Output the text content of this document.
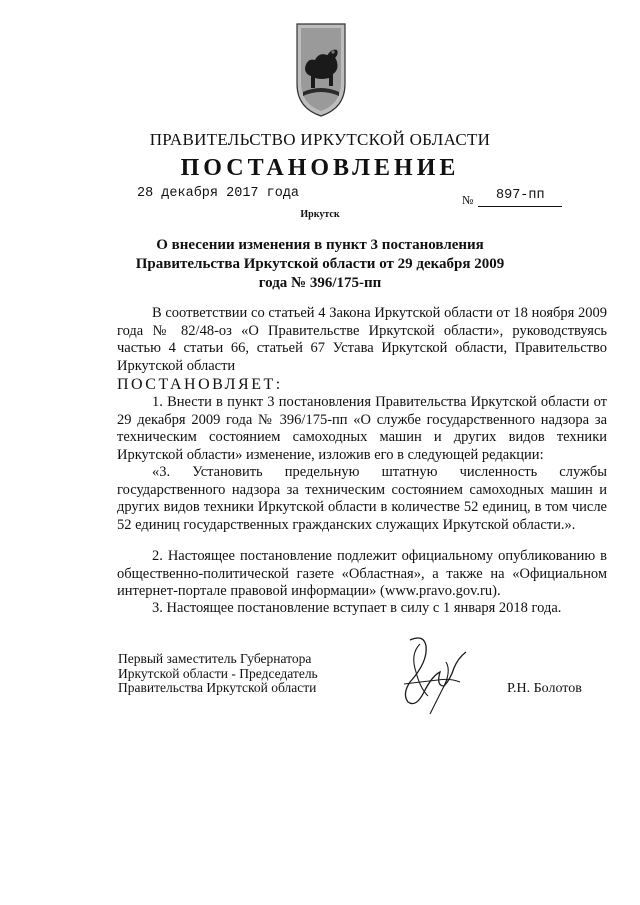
ПРАВИТЕЛЬСТВО ИРКУТСКОЙ ОБЛАСТИ
ПОСТАНОВЛЕНИЕ
28 декабря 2017 года	№ 897-пп
Иркутск
О внесении изменения в пункт 3 постановления Правительства Иркутской области от 29 декабря 2009 года № 396/175-пп
В соответствии со статьей 4 Закона Иркутской области от 18 ноября 2009 года № 82/48-оз «О Правительстве Иркутской области», руководствуясь частью 4 статьи 66, статьей 67 Устава Иркутской области, Правительство Иркутской области
ПОСТАНОВЛЯЕТ:
1. Внести в пункт 3 постановления Правительства Иркутской области от 29 декабря 2009 года № 396/175-пп «О службе государственного надзора за техническим состоянием самоходных машин и других видов техники Иркутской области» изменение, изложив его в следующей редакции:
«3. Установить предельную штатную численность службы государственного надзора за техническим состоянием самоходных машин и других видов техники Иркутской области в количестве 52 единиц, в том числе 52 единиц государственных гражданских служащих Иркутской области.».
2. Настоящее постановление подлежит официальному опубликованию в общественно-политической газете «Областная», а также на «Официальном интернет-портале правовой информации» (www.pravo.gov.ru).
3. Настоящее постановление вступает в силу с 1 января 2018 года.
Первый заместитель Губернатора
Иркутской области - Председатель
Правительства Иркутской области	Р.Н. Болотов
